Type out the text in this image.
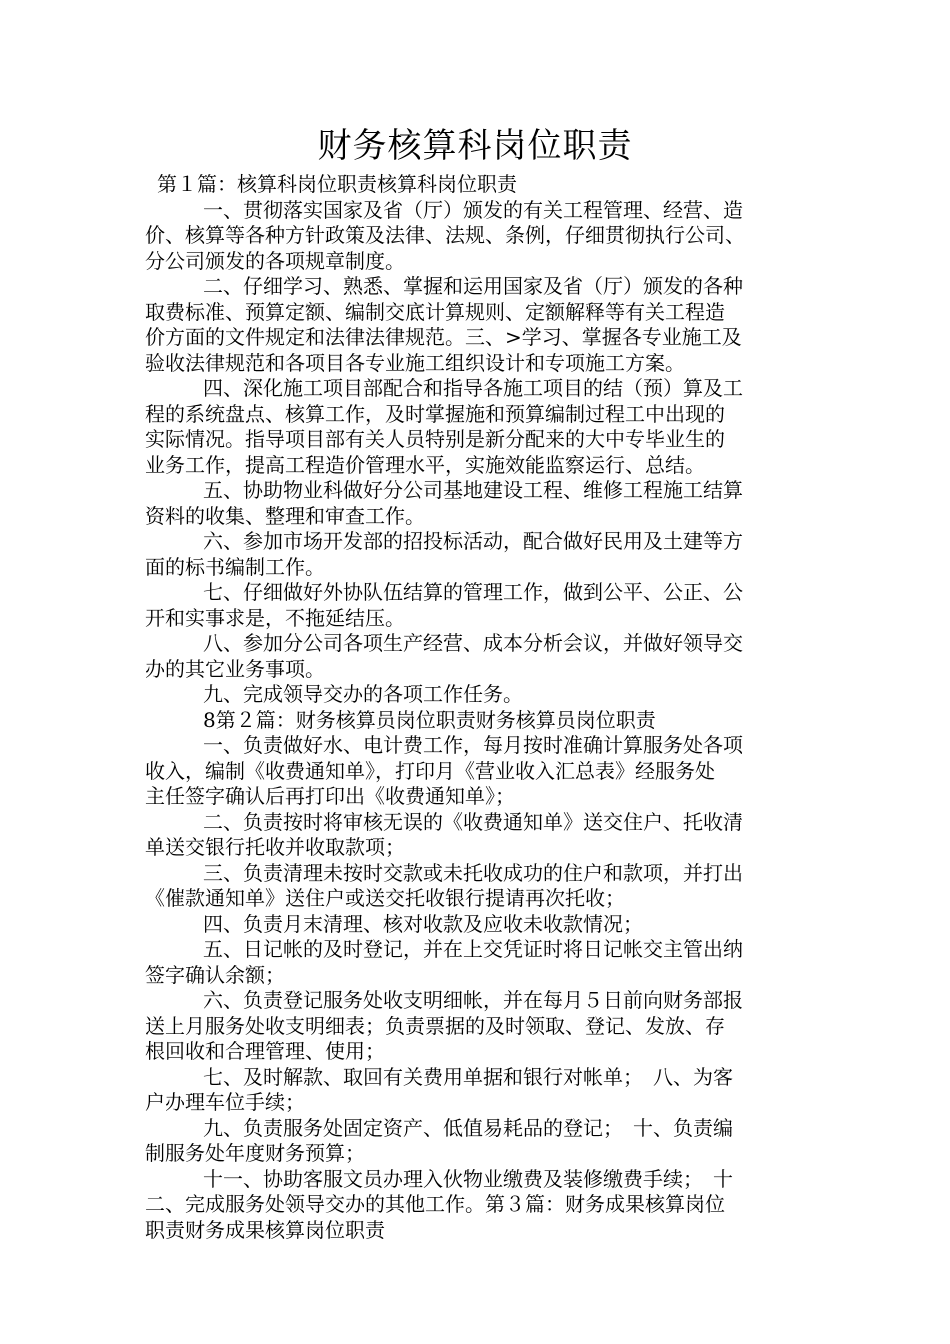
财务核算科岗位职责
第１篇：核算科岗位职责核算科岗位职责
一、贯彻落实国家及省（厅）颁发的有关工程管理、经营、造
价、核算等各种方针政策及法律、法规、条例，仔细贯彻执行公司、
分公司颁发的各项规章制度。
二、仔细学习、熟悉、掌握和运用国家及省（厅）颁发的各种
取费标准、预算定额、编制交底计算规则、定额解释等有关工程造
价方面的文件规定和法律法律规范。三、>学习、掌握各专业施工及
验收法律规范和各项目各专业施工组织设计和专项施工方案。
四、深化施工项目部配合和指导各施工项目的结（预）算及工
程的系统盘点、核算工作，及时掌握施和预算编制过程工中出现的
实际情况。指导项目部有关人员特别是新分配来的大中专毕业生的
业务工作，提高工程造价管理水平，实施效能监察运行、总结。
五、协助物业科做好分公司基地建设工程、维修工程施工结算
资料的收集、整理和审查工作。
六、参加市场开发部的招投标活动，配合做好民用及土建等方
面的标书编制工作。
七、仔细做好外协队伍结算的管理工作，做到公平、公正、公
开和实事求是，不拖延结压。
八、参加分公司各项生产经营、成本分析会议，并做好领导交
办的其它业务事项。
九、完成领导交办的各项工作任务。
8第２篇：财务核算员岗位职责财务核算员岗位职责
一、负责做好水、电计费工作，每月按时准确计算服务处各项
收入，编制《收费通知单》，打印月《营业收入汇总表》经服务处
主任签字确认后再打印出《收费通知单》；
二、负责按时将审核无误的《收费通知单》送交住户、托收清
单送交银行托收并收取款项；
三、负责清理未按时交款或未托收成功的住户和款项，并打出
《催款通知单》送住户或送交托收银行提请再次托收；
四、负责月末清理、核对收款及应收未收款情况；
五、日记帐的及时登记，并在上交凭证时将日记帐交主管出纳
签字确认余额；
六、负责登记服务处收支明细帐，并在每月５日前向财务部报
送上月服务处收支明细表；负责票据的及时领取、登记、发放、存
根回收和合理管理、使用；
七、及时解款、取回有关费用单据和银行对帐单；　八、为客
户办理车位手续；
九、负责服务处固定资产、低值易耗品的登记；　十、负责编
制服务处年度财务预算；
十一、协助客服文员办理入伙物业缴费及装修缴费手续；　十
二、完成服务处领导交办的其他工作。第３篇：财务成果核算岗位
职责财务成果核算岗位职责
